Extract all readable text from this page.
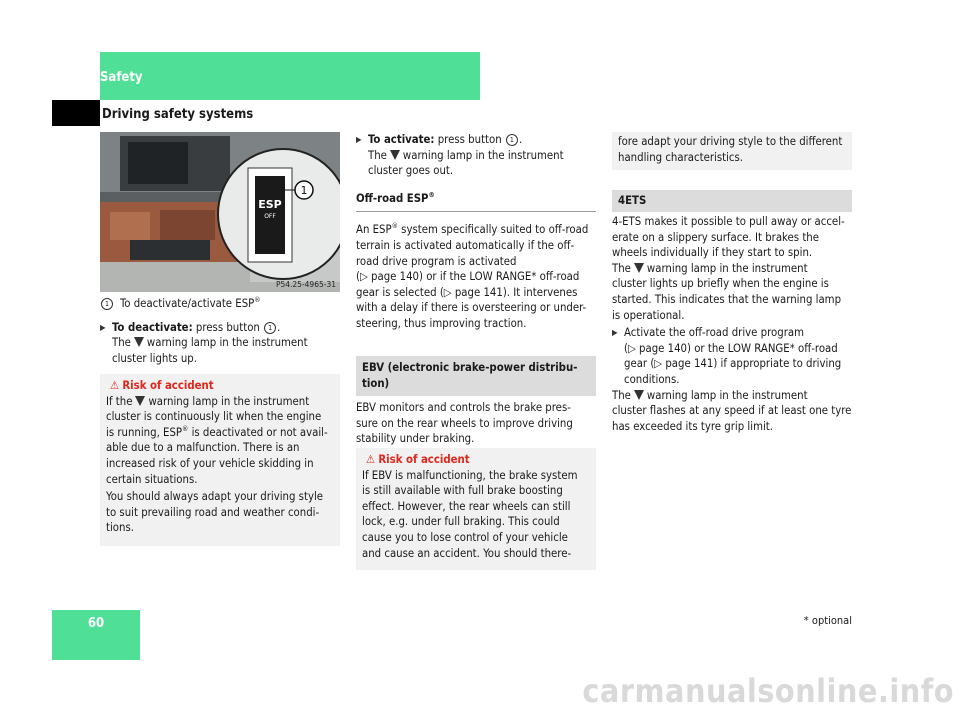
Safety
Driving safety systems
ESP
OFF
1
P54.25-4965-31

1 To deactivate/activate ESP®

▶ To deactivate: press button 1 .

The warning lamp in the instrument

cluster lights up.

⚠ Risk of accident

If the warning lamp in the instrument

cluster is continuously lit when the engine

is running, ESP® is deactivated or not avail-

able due to a malfunction. There is an

increased risk of your vehicle skidding in

certain situations.

You should always adapt your driving style

to suit prevailing road and weather condi-

tions.

▶ To activate: press button 1 .

The warning lamp in the instrument

cluster goes out.

Off-road ESP®

An ESP® system specifically suited to off-road

terrain is activated automatically if the off-

road drive program is activated

(▷ page 140) or if the LOW RANGE* off-road

gear is selected (▷ page 141). It intervenes

with a delay if there is oversteering or under-

steering, thus improving traction.

EBV (electronic brake-power distribu-

tion)

EBV monitors and controls the brake pres-

sure on the rear wheels to improve driving

stability under braking.

⚠ Risk of accident

If EBV is malfunctioning, the brake system

is still available with full brake boosting

effect. However, the rear wheels can still

lock, e.g. under full braking. This could

cause you to lose control of your vehicle

and cause an accident. You should there-

fore adapt your driving style to the different

handling characteristics.

4ETS

4-ETS makes it possible to pull away or accel-

erate on a slippery surface. It brakes the

wheels individually if they start to spin.

The warning lamp in the instrument

cluster lights up briefly when the engine is

started. This indicates that the warning lamp

is operational.

▶ Activate the off-road drive program

(▷ page 140) or the LOW RANGE* off-road

gear (▷ page 141) if appropriate to driving

conditions.

The warning lamp in the instrument

cluster flashes at any speed if at least one tyre

has exceeded its tyre grip limit.

60	* optional
carmanualsonline.info
